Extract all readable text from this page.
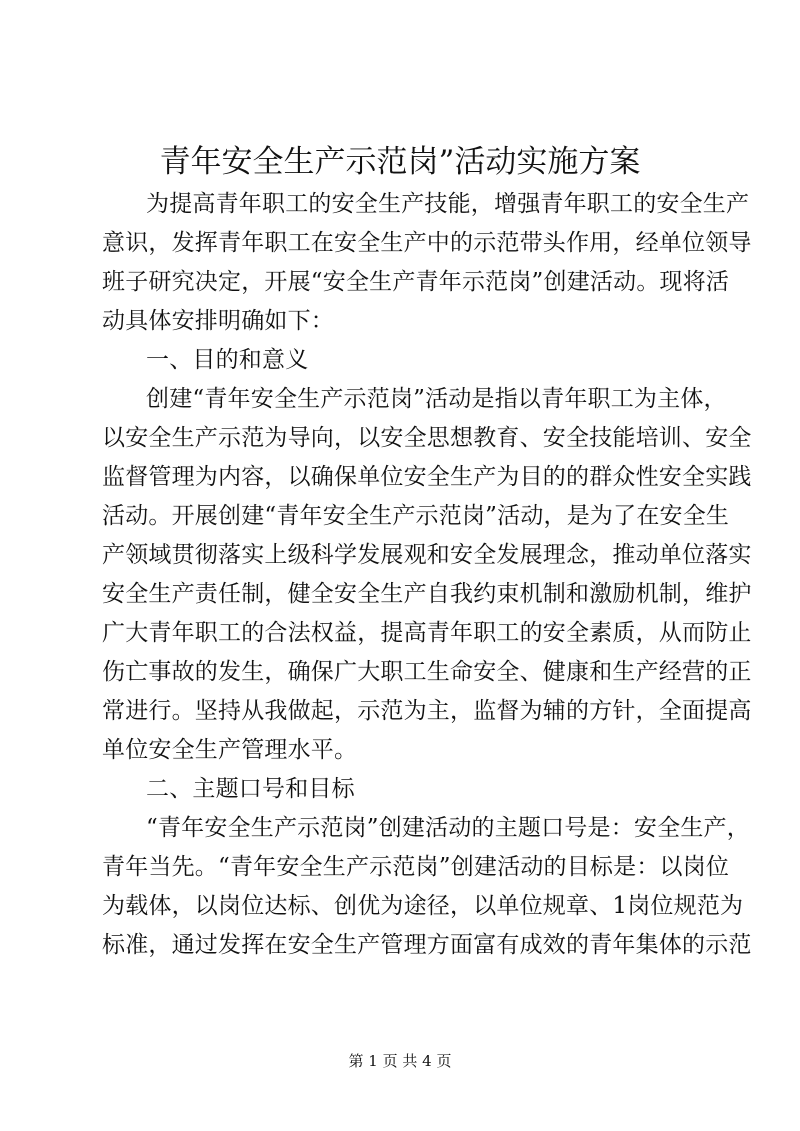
青年安全生产示范岗”活动实施方案
为提高青年职工的安全生产技能，增强青年职工的安全生产
意识，发挥青年职工在安全生产中的示范带头作用，经单位领导
班子研究决定，开展“安全生产青年示范岗”创建活动。现将活
动具体安排明确如下：
一、目的和意义
创建“青年安全生产示范岗”活动是指以青年职工为主体，
以安全生产示范为导向，以安全思想教育、安全技能培训、安全
监督管理为内容，以确保单位安全生产为目的的群众性安全实践
活动。开展创建“青年安全生产示范岗”活动，是为了在安全生
产领域贯彻落实上级科学发展观和安全发展理念，推动单位落实
安全生产责任制，健全安全生产自我约束机制和激励机制，维护
广大青年职工的合法权益，提高青年职工的安全素质，从而防止
伤亡事故的发生，确保广大职工生命安全、健康和生产经营的正
常进行。坚持从我做起，示范为主，监督为辅的方针，全面提高
单位安全生产管理水平。
二、主题口号和目标
“青年安全生产示范岗”创建活动的主题口号是：安全生产，
青年当先。“青年安全生产示范岗”创建活动的目标是：以岗位
为载体，以岗位达标、创优为途径，以单位规章、1岗位规范为
标准，通过发挥在安全生产管理方面富有成效的青年集体的示范
第 1 页 共 4 页
